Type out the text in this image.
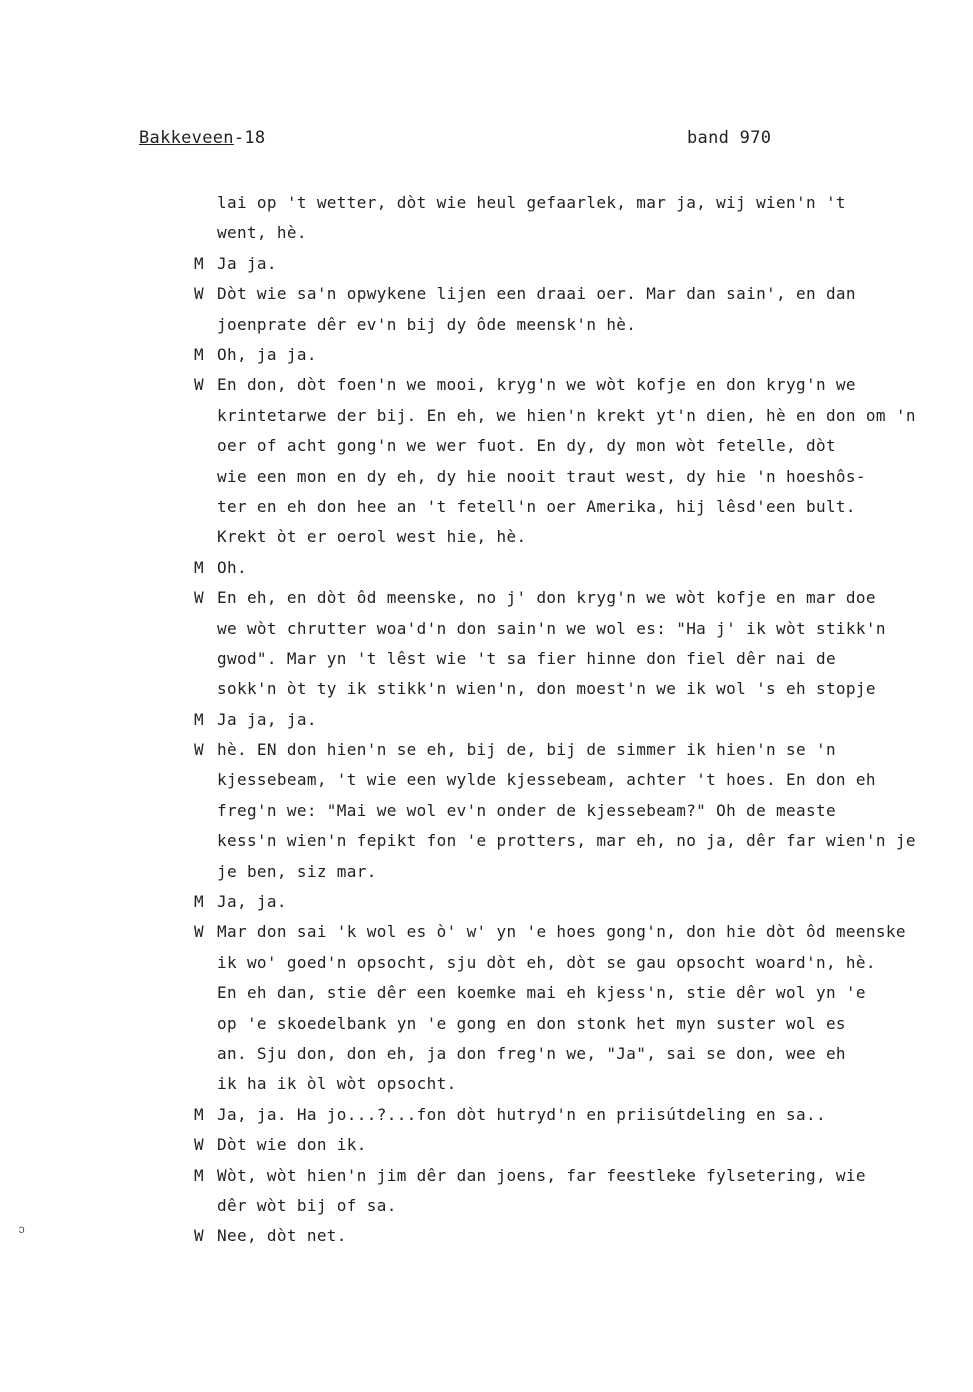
Bakkeveen-18	band 970
lai op 't wetter, dòt wie heul gefaarlek, mar ja, wij wien'n 't
went, hè.
M Ja ja.
W Dòt wie sa'n opwykene lijen een draai oer. Mar dan sain', en dan
joenprate dêr ev'n bij dy ôde meensk'n hè.
M Oh, ja ja.
W En don, dòt foen'n we mooi, kryg'n we wòt kofje en don kryg'n we
krintetarwe der bij. En eh, we hien'n krekt yt'n dien, hè en don om 'n
oer of acht gong'n we wer fuot. En dy, dy mon wòt fetelle, dòt
wie een mon en dy eh, dy hie nooit traut west, dy hie 'n hoeshôs-
ter en eh don hee an 't fetell'n oer Amerika, hij lêsd'een bult.
Krekt òt er oerol west hie, hè.
M Oh.
W En eh, en dòt ôd meenske, no j' don kryg'n we wòt kofje en mar doe
we wòt chrutter woa'd'n don sain'n we wol es: "Ha j' ik wòt stikk'n
gwod". Mar yn 't lêst wie 't sa fier hinne don fiel dêr nai de
sokk'n òt ty ik stikk'n wien'n, don moest'n we ik wol 's eh stopje
M Ja ja, ja.
W hè. EN don hien'n se eh, bij de, bij de simmer ik hien'n se 'n
kjessebeam, 't wie een wylde kjessebeam, achter 't hoes. En don eh
freg'n we: "Mai we wol ev'n onder de kjessebeam?" Oh de measte
kess'n wien'n fepikt fon 'e protters, mar eh, no ja, dêr far wien'n je
je ben, siz mar.
M Ja, ja.
W Mar don sai 'k wol es ò' w' yn 'e hoes gong'n, don hie dòt ôd meenske
ik wo' goed'n opsocht, sju dòt eh, dòt se gau opsocht woard'n, hè.
En eh dan, stie dêr een koemke mai eh kjess'n, stie dêr wol yn 'e
op 'e skoedelbank yn 'e gong en don stonk het myn suster wol es
an. Sju don, don eh, ja don freg'n we, "Ja", sai se don, wee eh
ik ha ik òl wòt opsocht.
M Ja, ja. Ha jo...?...fon dòt hutryd'n en priisútdeling en sa..
W Dòt wie don ik.
M Wòt, wòt hien'n jim dêr dan joens, far feestleke fylsetering, wie
dêr wòt bij of sa.
W Nee, dòt net.
ↄ
